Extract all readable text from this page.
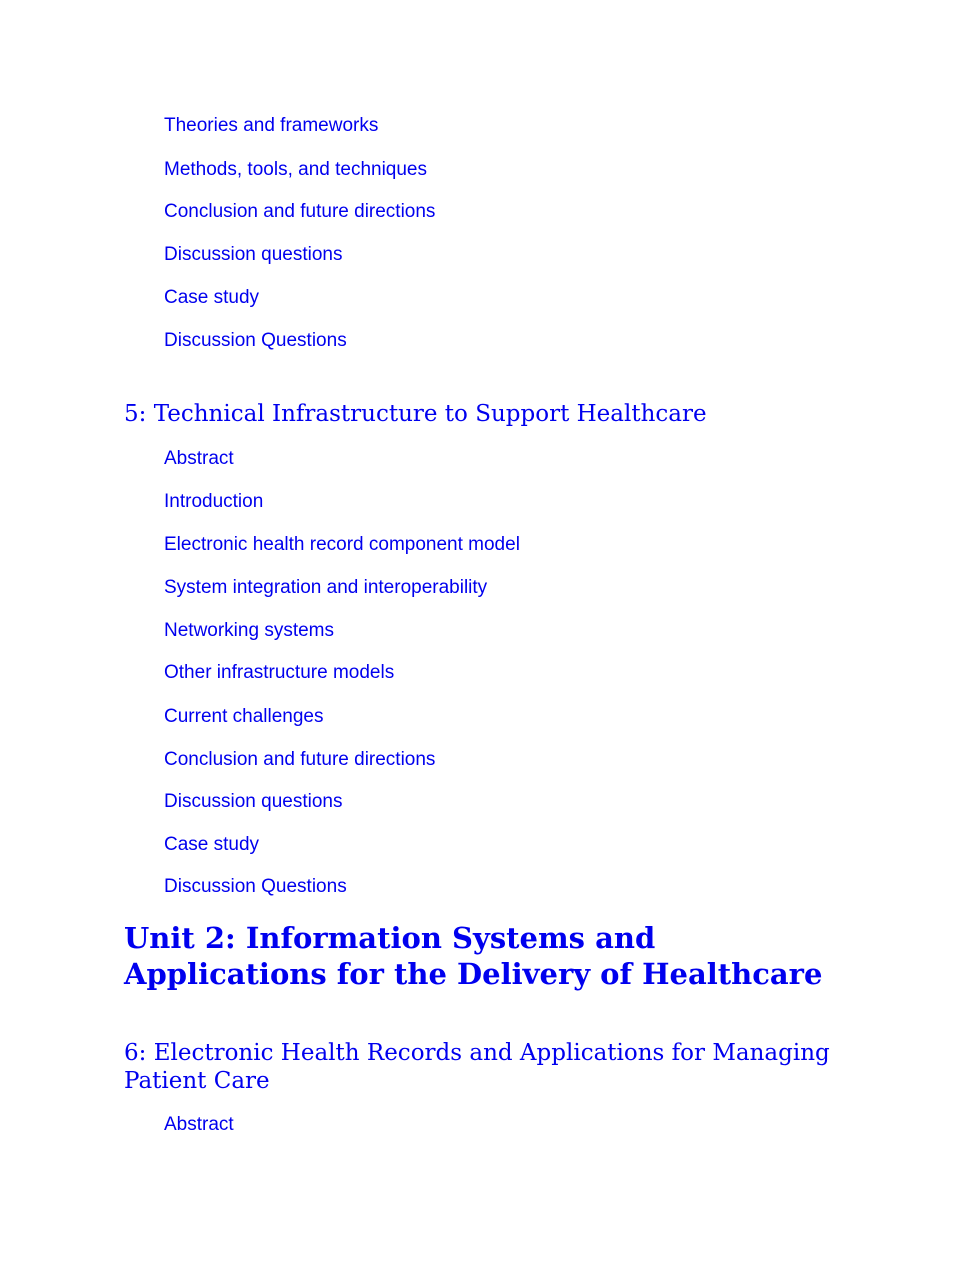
Theories and frameworks
Methods, tools, and techniques
Conclusion and future directions
Discussion questions
Case study
Discussion Questions
5: Technical Infrastructure to Support Healthcare
Abstract
Introduction
Electronic health record component model
System integration and interoperability
Networking systems
Other infrastructure models
Current challenges
Conclusion and future directions
Discussion questions
Case study
Discussion Questions
Unit 2: Information Systems and Applications for the Delivery of Healthcare
6: Electronic Health Records and Applications for Managing Patient Care
Abstract
